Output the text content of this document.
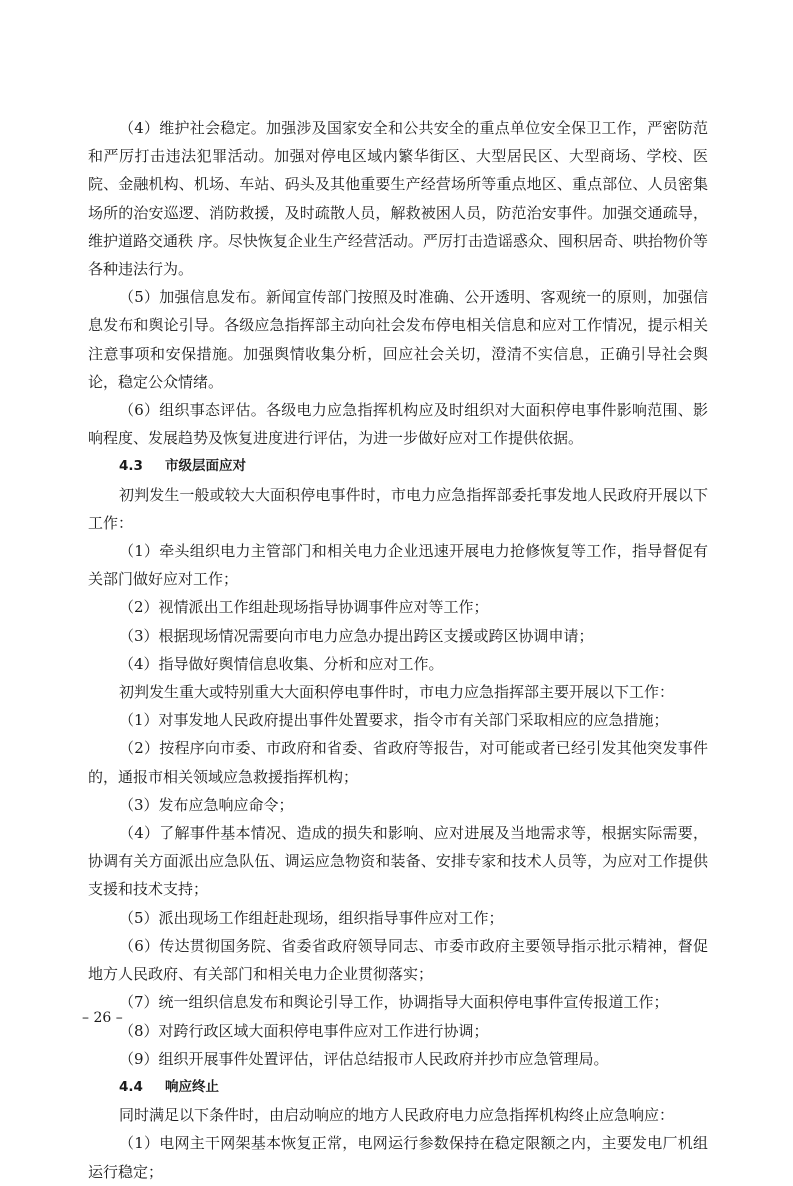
（4）维护社会稳定。加强涉及国家安全和公共安全的重点单位安全保卫工作，严密防范和严厉打击违法犯罪活动。加强对停电区域内繁华街区、大型居民区、大型商场、学校、医院、金融机构、机场、车站、码头及其他重要生产经营场所等重点地区、重点部位、人员密集场所的治安巡逻、消防救援，及时疏散人员，解救被困人员，防范治安事件。加强交通疏导，维护道路交通秩 序。尽快恢复企业生产经营活动。严厉打击造谣惑众、囤积居奇、哄抬物价等各种违法行为。

（5）加强信息发布。新闻宣传部门按照及时准确、公开透明、客观统一的原则，加强信息发布和舆论引导。各级应急指挥部主动向社会发布停电相关信息和应对工作情况，提示相关注意事项和安保措施。加强舆情收集分析，回应社会关切，澄清不实信息，正确引导社会舆论，稳定公众情绪。

（6）组织事态评估。各级电力应急指挥机构应及时组织对大面积停电事件影响范围、影响程度、发展趋势及恢复进度进行评估，为进一步做好应对工作提供依据。

4.3 市级层面应对

初判发生一般或较大大面积停电事件时，市电力应急指挥部委托事发地人民政府开展以下工作：

（1）牵头组织电力主管部门和相关电力企业迅速开展电力抢修恢复等工作，指导督促有关部门做好应对工作；

（2）视情派出工作组赴现场指导协调事件应对等工作；

（3）根据现场情况需要向市电力应急办提出跨区支援或跨区协调申请；

（4）指导做好舆情信息收集、分析和应对工作。

初判发生重大或特别重大大面积停电事件时，市电力应急指挥部主要开展以下工作：

（1）对事发地人民政府提出事件处置要求，指令市有关部门采取相应的应急措施；

（2）按程序向市委、市政府和省委、省政府等报告，对可能或者已经引发其他突发事件的，通报市相关领域应急救援指挥机构；

（3）发布应急响应命令；

（4）了解事件基本情况、造成的损失和影响、应对进展及当地需求等，根据实际需要，协调有关方面派出应急队伍、调运应急物资和装备、安排专家和技术人员等，为应对工作提供支援和技术支持；

（5）派出现场工作组赶赴现场，组织指导事件应对工作；

（6）传达贯彻国务院、省委省政府领导同志、市委市政府主要领导指示批示精神，督促地方人民政府、有关部门和相关电力企业贯彻落实；

（7）统一组织信息发布和舆论引导工作，协调指导大面积停电事件宣传报道工作；

（8）对跨行政区域大面积停电事件应对工作进行协调；

（9）组织开展事件处置评估，评估总结报市人民政府并抄市应急管理局。

4.4 响应终止

同时满足以下条件时，由启动响应的地方人民政府电力应急指挥机构终止应急响应：

（1）电网主干网架基本恢复正常，电网运行参数保持在稳定限额之内，主要发电厂机组运行稳定；

– 26 –
